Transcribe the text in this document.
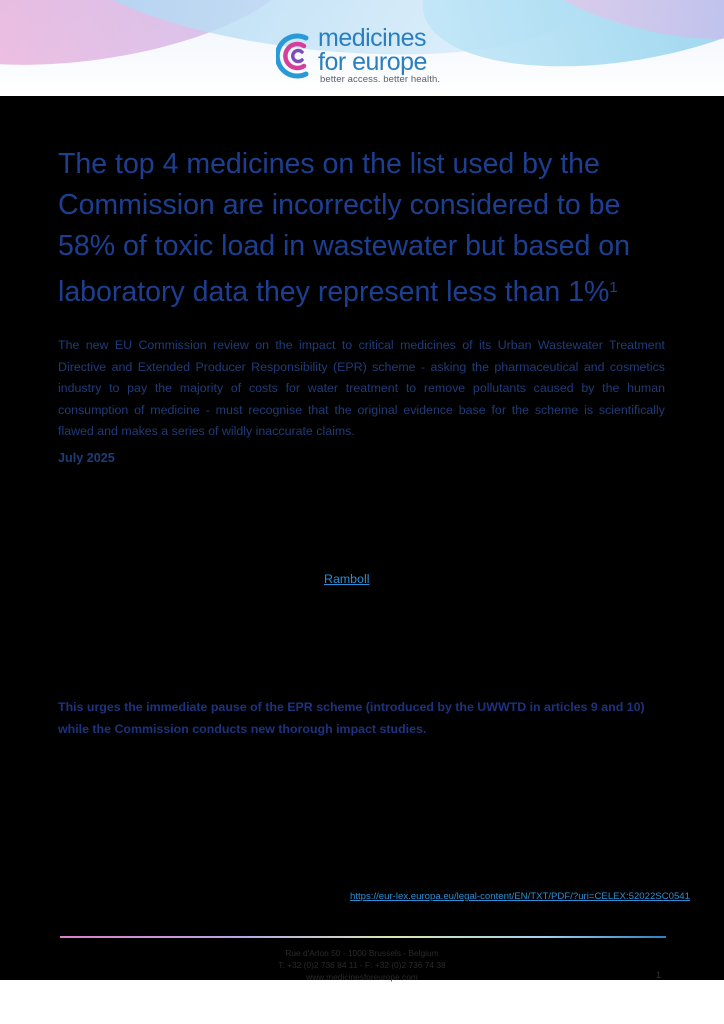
medicines
for europe
better access. better health.
The top 4 medicines on the list used by the Commission are incorrectly considered to be 58% of toxic load in wastewater but based on laboratory data they represent less than 1%$^1$

The new EU Commission review on the impact to critical medicines of its Urban Wastewater Treatment Directive and Extended Producer Responsibility (EPR) scheme - asking the pharmaceutical and cosmetics industry to pay the majority of costs for water treatment to remove pollutants caused by the human consumption of medicine - must recognise that the original evidence base for the scheme is scientifically flawed and makes a series of wildly inaccurate claims.

July 2025
Ramboll

This urges the immediate pause of the EPR scheme (introduced by the UWWTD in articles 9 and 10) while the Commission conducts new thorough impact studies.

https://eur-lex.europa.eu/legal-content/EN/TXT/PDF/?uri=CELEX:52022SC0541
Rue d'Arlon 50 - 1000 Brussels - Belgium
T: +32 (0)2 736 84 11 - F: +32 (0)2 736 74 38
www.medicinesforeurope.com	1
